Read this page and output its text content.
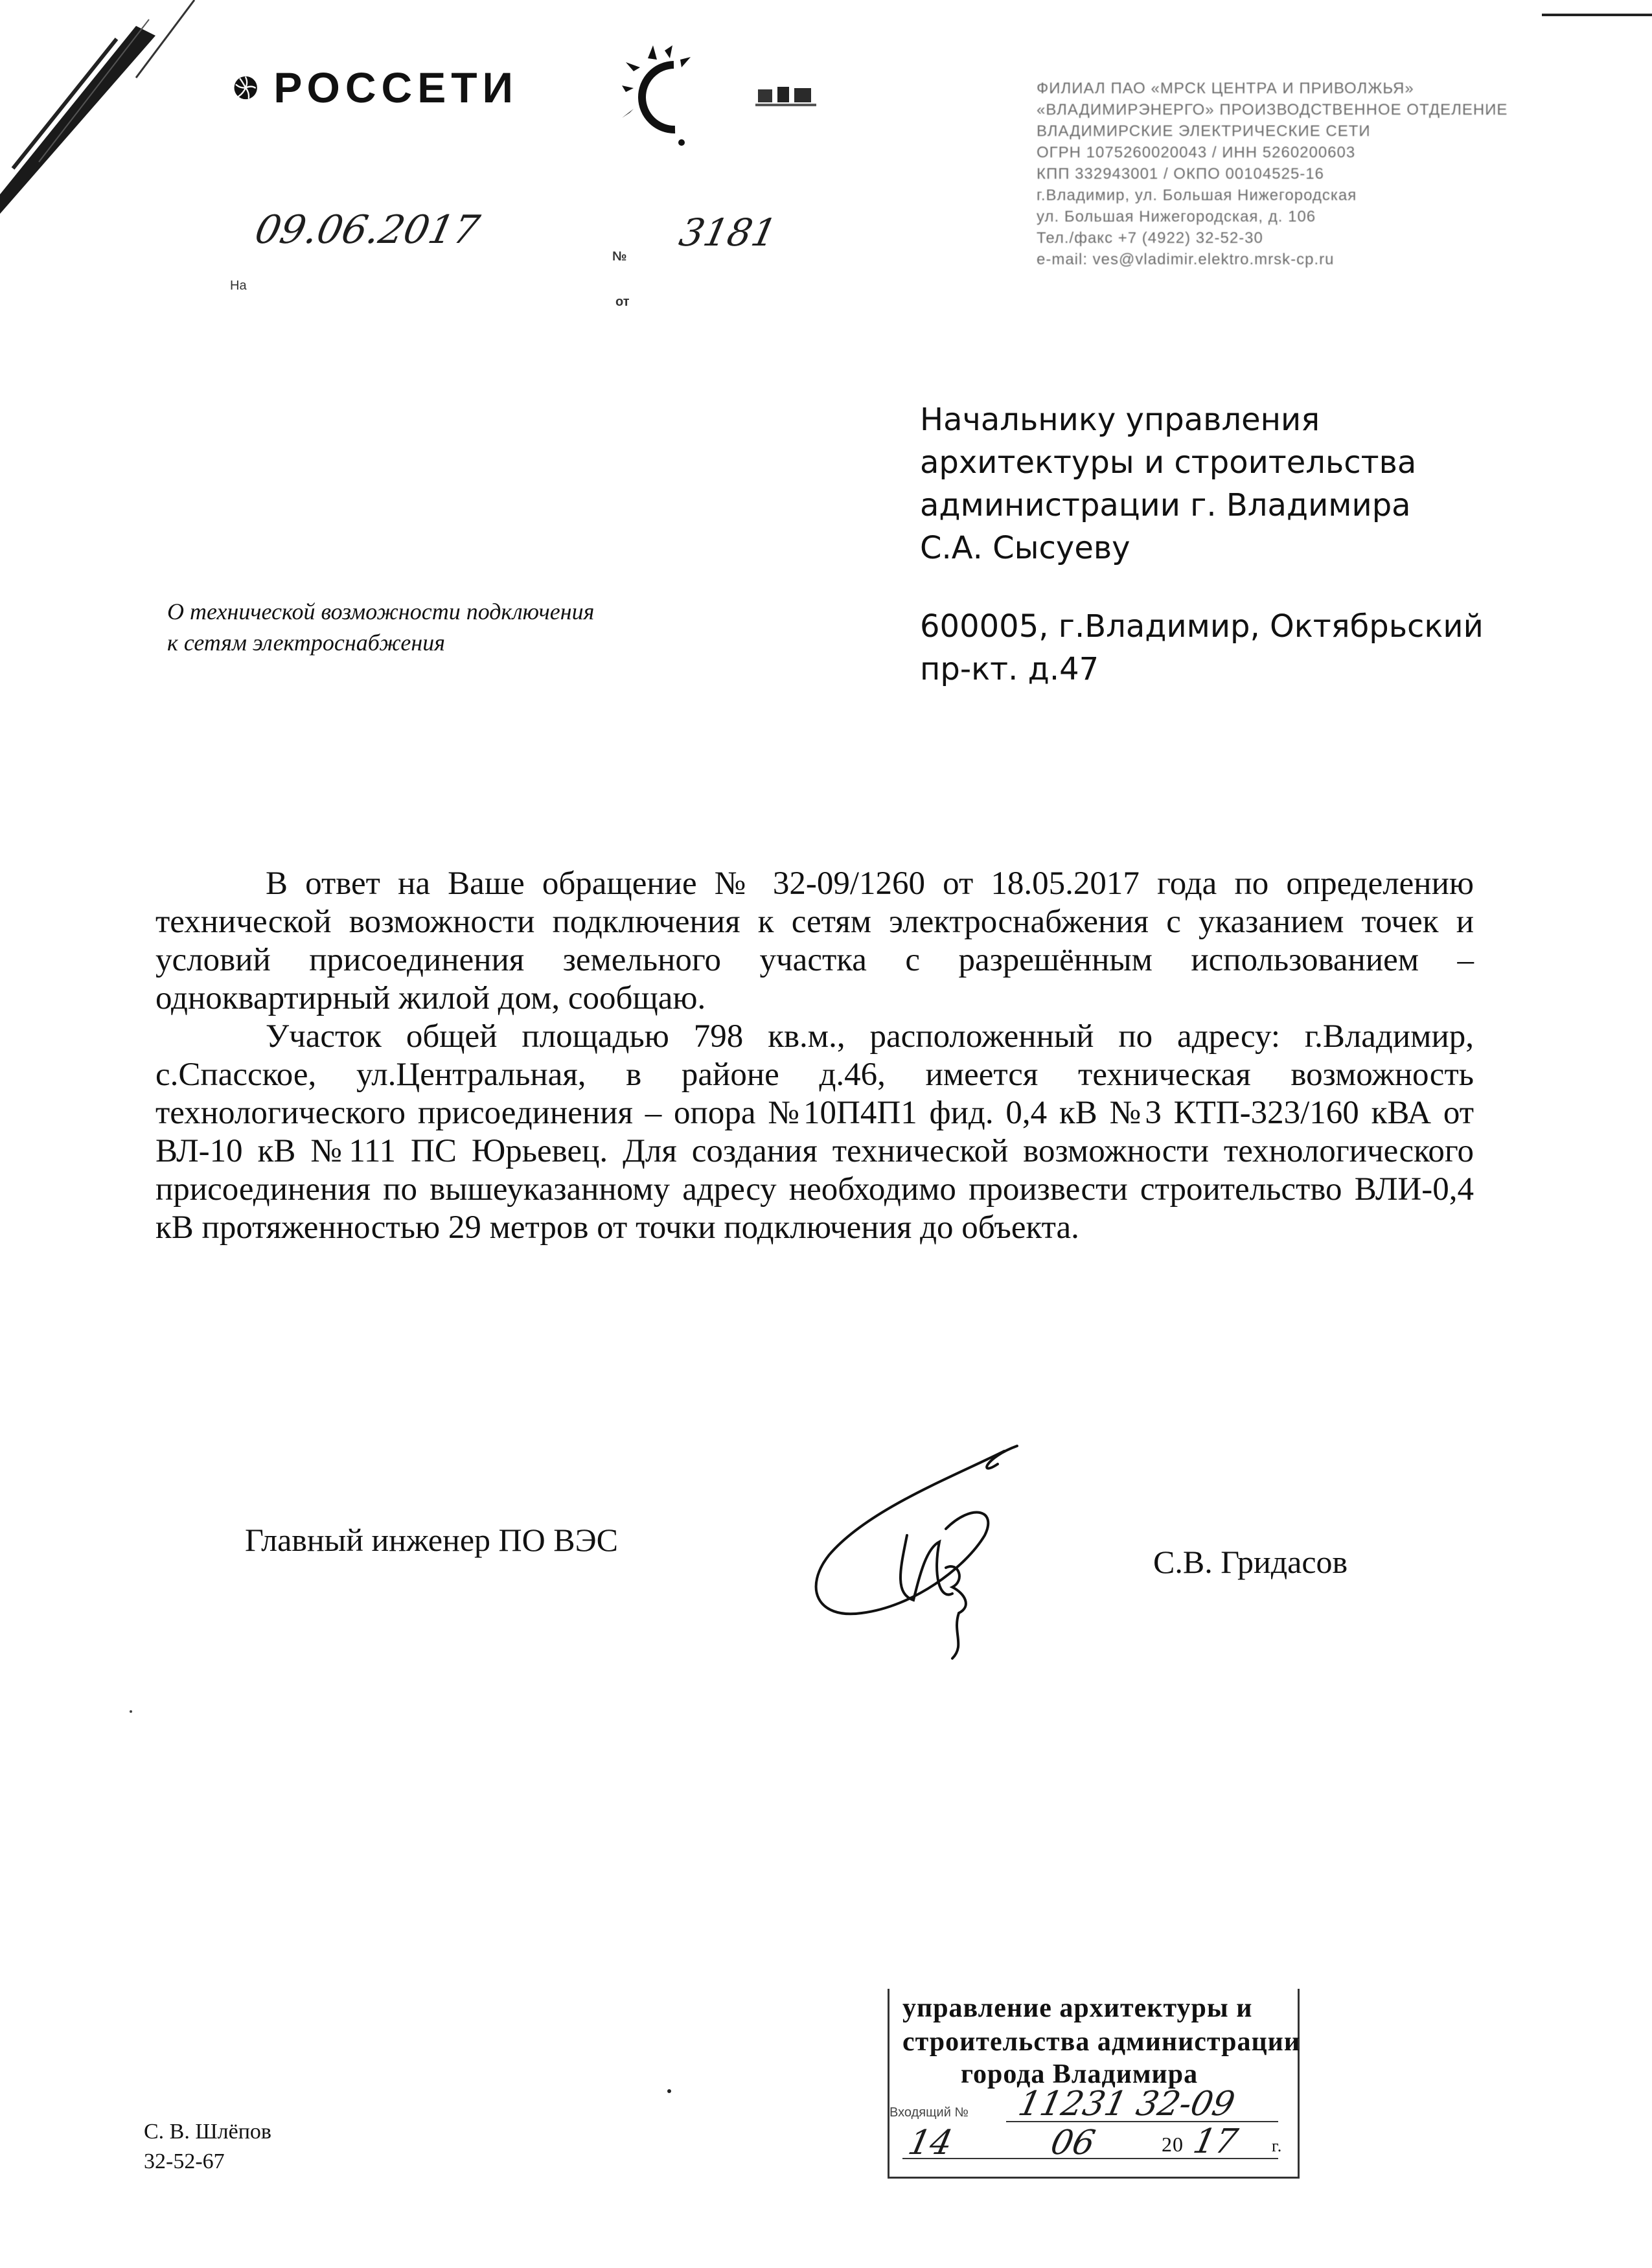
РОССЕТИ	ФИЛИАЛ ПАО «МРСК ЦЕНТРА И ПРИВОЛЖЬЯ»
«ВЛАДИМИРЭНЕРГО» ПРОИЗВОДСТВЕННОЕ ОТДЕЛЕНИЕ
ВЛАДИМИРСКИЕ ЭЛЕКТРИЧЕСКИЕ СЕТИ
ОГРН 1075260020043 / ИНН 5260200603
КПП 332943001 / ОКПО 00104525-16
г.Владимир, ул. Большая Нижегородская
ул. Большая Нижегородская, д. 106
Тел./факс +7 (4922) 32-52-30
e-mail: ves@vladimir.elektro.mrsk-cp.ru
09.06.2017	3181
На
№
от
Начальнику управления
архитектуры и строительства
администрации г. Владимира
С.А. Сысуеву
600005, г.Владимир, Октябрьский
пр-кт. д.47
О технической возможности подключения
к сетям электроснабжения

В ответ на Ваше обращение № 32-09/1260 от 18.05.2017 года по определению технической возможности подключения к сетям электроснабжения с указанием точек и условий присоединения земельного участка с разрешённым использованием – одноквартирный жилой дом, сообщаю.

Участок общей площадью 798 кв.м., расположенный по адресу: г.Владимир, с.Спасское, ул.Центральная, в районе д.46, имеется техническая возможность технологического присоединения – опора №10П4П1 фид. 0,4 кВ №3 КТП-323/160 кВА от ВЛ-10 кВ №111 ПС Юрьевец. Для создания технической возможности технологического присоединения по вышеуказанному адресу необходимо произвести строительство ВЛИ-0,4 кВ протяженностью 29 метров от точки подключения до объекта.

Главный инженер ПО ВЭС
С.В. Гридасов
управление архитектуры и
строительства администрации
города Владимира
Входящий № 11231 32-09
14	06	20 17 г.
С. В. Шлёпов
32-52-67
